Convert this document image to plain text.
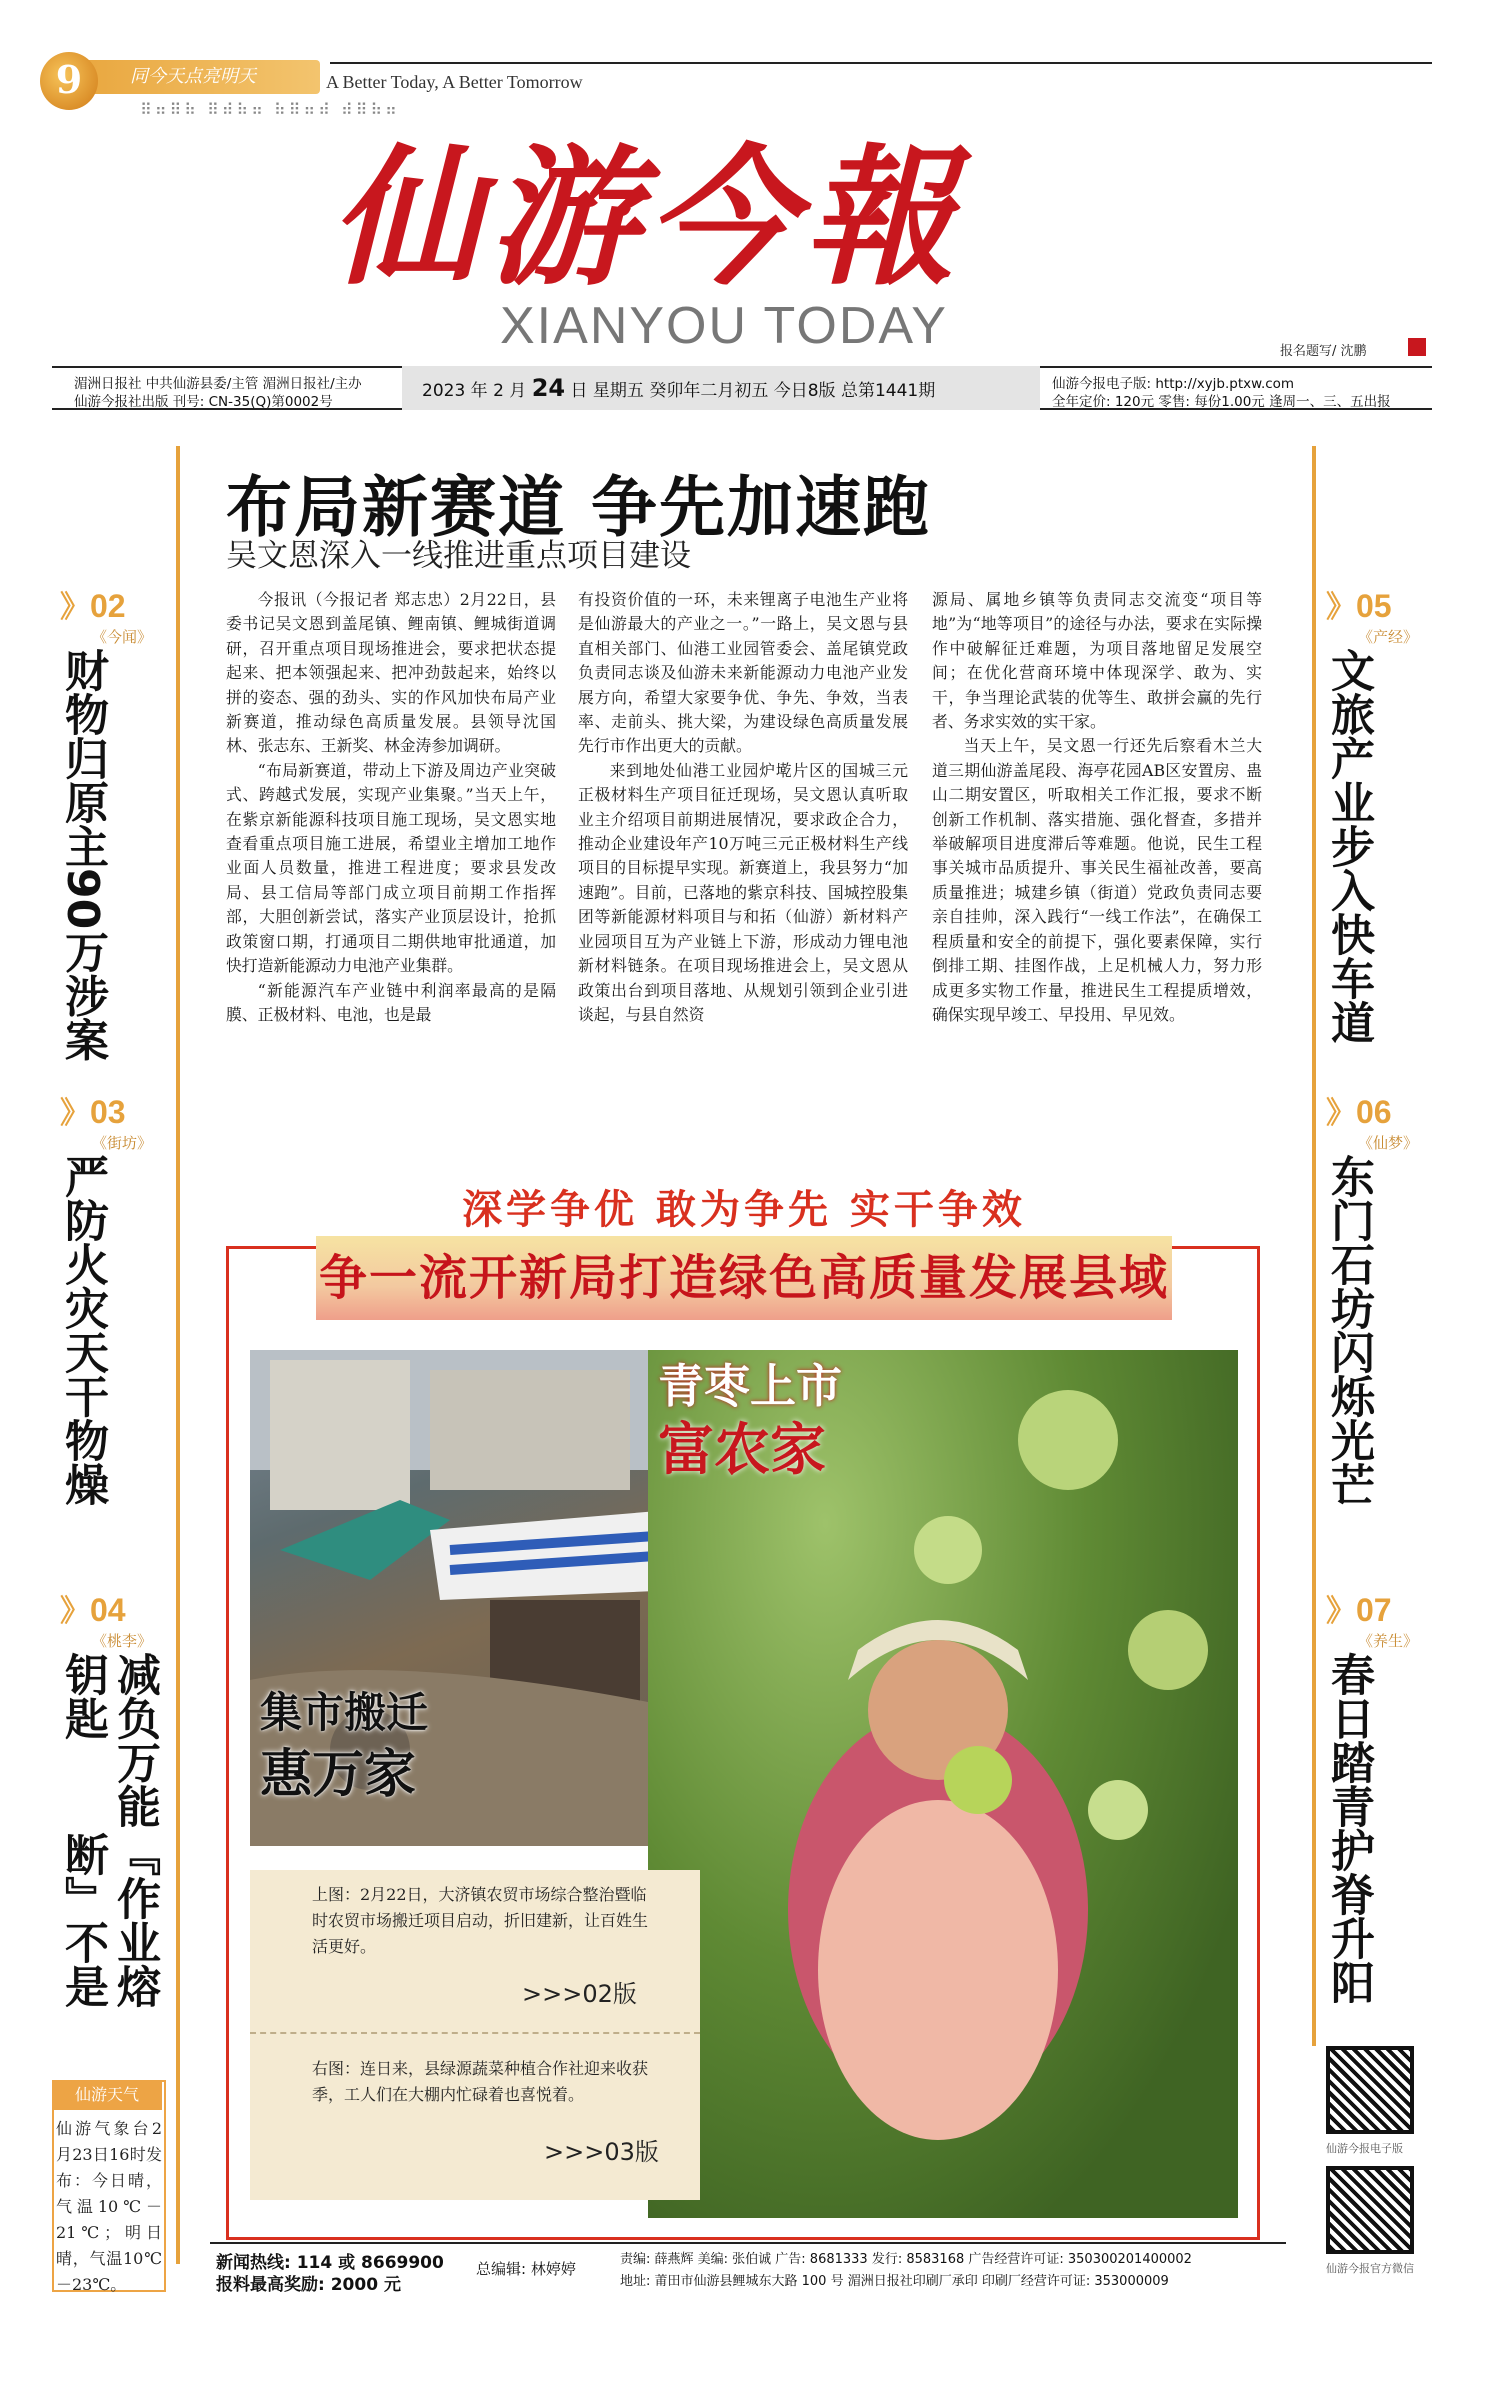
同今天点亮明天
9	A Better Today, A Better Tomorrow
⠿⠶⠿⠷ ⠿⠾⠷⠶ ⠷⠿⠶⠾ ⠾⠿⠷⠶
仙游今報
XIANYOU TODAY	报名题写/ 沈鹏
湄洲日报社 中共仙游县委/主管 湄洲日报社/主办
仙游今报社出版 刊号: CN-35(Q)第0002号
2023 年 2 月 24 日 星期五 癸卯年二月初五 今日8版 总第1441期	仙游今报电子版: http://xyjb.ptxw.com
全年定价: 120元 零售: 每份1.00元 逢周一、三、五出报
》02
《今闻》
财物归原主
90万涉案
》03
《街坊》
严防火灾
天干物燥
》04
《桃李》
减负万能钥匙
『作业熔断』不是
》05
《产经》
文旅产业
步入快车道
》06
《仙梦》
东门石坊
闪烁光芒
》07
《养生》
春日踏青
护脊升阳
布局新赛道 争先加速跑
吴文恩深入一线推进重点项目建设

今报讯（今报记者 郑志忠）2月22日，县委书记吴文恩到盖尾镇、鲤南镇、鲤城街道调研，召开重点项目现场推进会，要求把状态提起来、把本领强起来、把冲劲鼓起来，始终以拼的姿态、强的劲头、实的作风加快布局产业新赛道，推动绿色高质量发展。县领导沈国林、张志东、王新奖、林金涛参加调研。

“布局新赛道，带动上下游及周边产业突破式、跨越式发展，实现产业集聚。”当天上午，在紫京新能源科技项目施工现场，吴文恩实地查看重点项目施工进展，希望业主增加工地作业面人员数量，推进工程进度；要求县发改局、县工信局等部门成立项目前期工作指挥部，大胆创新尝试，落实产业顶层设计，抢抓政策窗口期，打通项目二期供地审批通道，加快打造新能源动力电池产业集群。

“新能源汽车产业链中利润率最高的是隔膜、正极材料、电池，也是最

有投资价值的一环，未来锂离子电池生产业将是仙游最大的产业之一。”一路上，吴文恩与县直相关部门、仙港工业园管委会、盖尾镇党政负责同志谈及仙游未来新能源动力电池产业发展方向，希望大家要争优、争先、争效，当表率、走前头、挑大梁，为建设绿色高质量发展先行市作出更大的贡献。

来到地处仙港工业园炉墘片区的国城三元正极材料生产项目征迁现场，吴文恩认真听取业主介绍项目前期进展情况，要求政企合力，推动企业建设年产10万吨三元正极材料生产线项目的目标提早实现。新赛道上，我县努力“加速跑”。目前，已落地的紫京科技、国城控股集团等新能源材料项目与和拓（仙游）新材料产业园项目互为产业链上下游，形成动力锂电池新材料链条。在项目现场推进会上，吴文恩从政策出台到项目落地、从规划引领到企业引进谈起，与县自然资

源局、属地乡镇等负责同志交流变“项目等地”为“地等项目”的途径与办法，要求在实际操作中破解征迁难题，为项目落地留足发展空间；在优化营商环境中体现深学、敢为、实干，争当理论武装的优等生、敢拼会赢的先行者、务求实效的实干家。

当天上午，吴文恩一行还先后察看木兰大道三期仙游盖尾段、海亭花园AB区安置房、蛊山二期安置区，听取相关工作汇报，要求不断创新工作机制、落实措施、强化督查，多措并举破解项目进度滞后等难题。他说，民生工程事关城市品质提升、事关民生福祉改善，要高质量推进；城建乡镇（街道）党政负责同志要亲自挂帅，深入践行“一线工作法”，在确保工程质量和安全的前提下，强化要素保障，实行倒排工期、挂图作战，上足机械人力，努力形成更多实物工作量，推进民生工程提质增效，确保实现早竣工、早投用、早见效。

深学争优 敢为争先 实干争效
争一流开新局打造绿色高质量发展县域
集市搬迁
惠万家
青枣上市
富农家
上图：2月22日，大济镇农贸市场综合整治暨临时农贸市场搬迁项目启动，折旧建新，让百姓生活更好。
>>>02版
右图：连日来，县绿源蔬菜种植合作社迎来收获季，工人们在大棚内忙碌着也喜悦着。
>>>03版
仙游天气
仙游气象台2月23日16时发布：今日晴，气温10℃－21℃；明日晴，气温10℃－23℃。
仙游今报电子版
仙游今报官方微信
新闻热线: 114 或 8669900
报料最高奖励: 2000 元
总编辑: 林婷婷
责编: 薛燕辉 美编: 张伯诚 广告: 8681333 发行: 8583168 广告经营许可证: 350300201400002
地址: 莆田市仙游县鲤城东大路 100 号 湄洲日报社印刷厂承印 印刷厂经营许可证: 353000009
